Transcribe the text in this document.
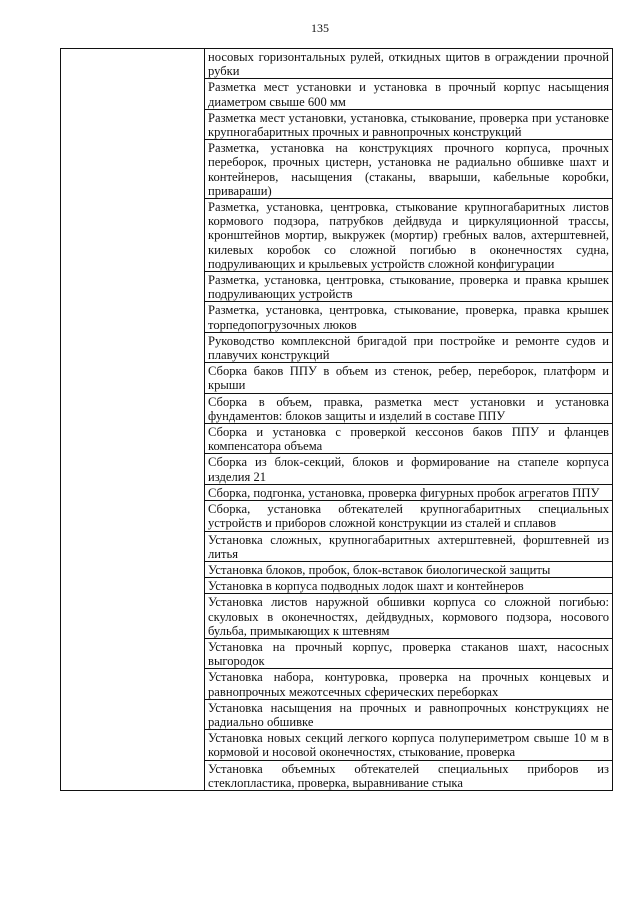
135
	носовых горизонтальных рулей, откидных щитов в ограждении прочной рубки
Разметка мест установки и установка в прочный корпус насыщения диаметром свыше 600 мм
Разметка мест установки, установка, стыкование, проверка при установке крупногабаритных прочных и равнопрочных конструкций
Разметка, установка на конструкциях прочного корпуса, прочных переборок, прочных цистерн, установка не радиально обшивке шахт и контейнеров, насыщения (стаканы, вварыши, кабельные коробки, привараши)
Разметка, установка, центровка, стыкование крупногабаритных листов кормового подзора, патрубков дейдвуда и циркуляционной трассы, кронштейнов мортир, выкружек (мортир) гребных валов, ахтерштевней, килевых коробок со сложной погибью в оконечностях судна, подруливающих и крыльевых устройств сложной конфигурации
Разметка, установка, центровка, стыкование, проверка и правка крышек подруливающих устройств
Разметка, установка, центровка, стыкование, проверка, правка крышек торпедопогрузочных люков
Руководство комплексной бригадой при постройке и ремонте судов и плавучих конструкций
Сборка баков ППУ в объем из стенок, ребер, переборок, платформ и крыши
Сборка в объем, правка, разметка мест установки и установка фундаментов: блоков защиты и изделий в составе ППУ
Сборка и установка с проверкой кессонов баков ППУ и фланцев компенсатора объема
Сборка из блок-секций, блоков и формирование на стапеле корпуса изделия 21
Сборка, подгонка, установка, проверка фигурных пробок агрегатов ППУ
Сборка, установка обтекателей крупногабаритных специальных устройств и приборов сложной конструкции из сталей и сплавов
Установка сложных, крупногабаритных ахтерштевней, форштевней из литья
Установка блоков, пробок, блок-вставок биологической защиты
Установка в корпуса подводных лодок шахт и контейнеров
Установка листов наружной обшивки корпуса со сложной погибью: скуловых в оконечностях, дейдвудных, кормового подзора, носового бульба, примыкающих к штевням
Установка на прочный корпус, проверка стаканов шахт, насосных выгородок
Установка набора, контуровка, проверка на прочных концевых и равнопрочных межотсечных сферических переборках
Установка насыщения на прочных и равнопрочных конструкциях не радиально обшивке
Установка новых секций легкого корпуса полупериметром свыше 10 м в кормовой и носовой оконечностях, стыкование, проверка
Установка объемных обтекателей специальных приборов из стеклопластика, проверка, выравнивание стыка
